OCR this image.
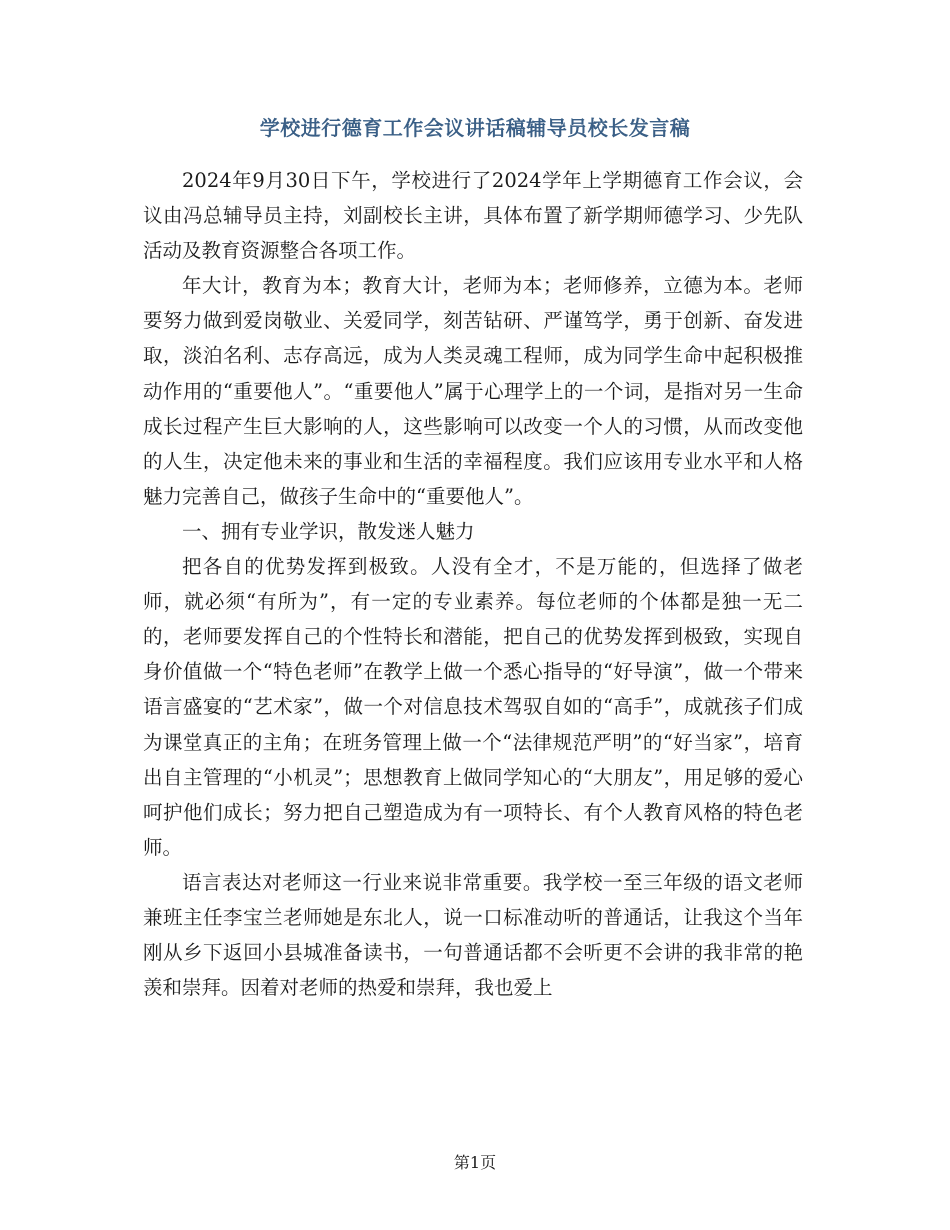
学校进行德育工作会议讲话稿辅导员校长发言稿

2024年9月30日下午，学校进行了2024学年上学期德育工作会议，会议由冯总辅导员主持，刘副校长主讲，具体布置了新学期师德学习、少先队活动及教育资源整合各项工作。

年大计，教育为本；教育大计，老师为本；老师修养，立德为本。老师要努力做到爱岗敬业、关爱同学，刻苦钻研、严谨笃学，勇于创新、奋发进取，淡泊名利、志存高远，成为人类灵魂工程师，成为同学生命中起积极推动作用的“重要他人”。“重要他人”属于心理学上的一个词，是指对另一生命成长过程产生巨大影响的人，这些影响可以改变一个人的习惯，从而改变他的人生，决定他未来的事业和生活的幸福程度。我们应该用专业水平和人格魅力完善自己，做孩子生命中的“重要他人”。

一、拥有专业学识，散发迷人魅力

把各自的优势发挥到极致。人没有全才，不是万能的，但选择了做老师，就必须“有所为”，有一定的专业素养。每位老师的个体都是独一无二的，老师要发挥自己的个性特长和潜能，把自己的优势发挥到极致，实现自身价值做一个“特色老师”在教学上做一个悉心指导的“好导演”，做一个带来语言盛宴的“艺术家”，做一个对信息技术驾驭自如的“高手”，成就孩子们成为课堂真正的主角；在班务管理上做一个“法律规范严明”的“好当家”，培育出自主管理的“小机灵”；思想教育上做同学知心的“大朋友”，用足够的爱心呵护他们成长；努力把自己塑造成为有一项特长、有个人教育风格的特色老师。

语言表达对老师这一行业来说非常重要。我学校一至三年级的语文老师兼班主任李宝兰老师她是东北人，说一口标准动听的普通话，让我这个当年刚从乡下返回小县城准备读书，一句普通话都不会听更不会讲的我非常的艳羡和崇拜。因着对老师的热爱和崇拜，我也爱上

第1页
